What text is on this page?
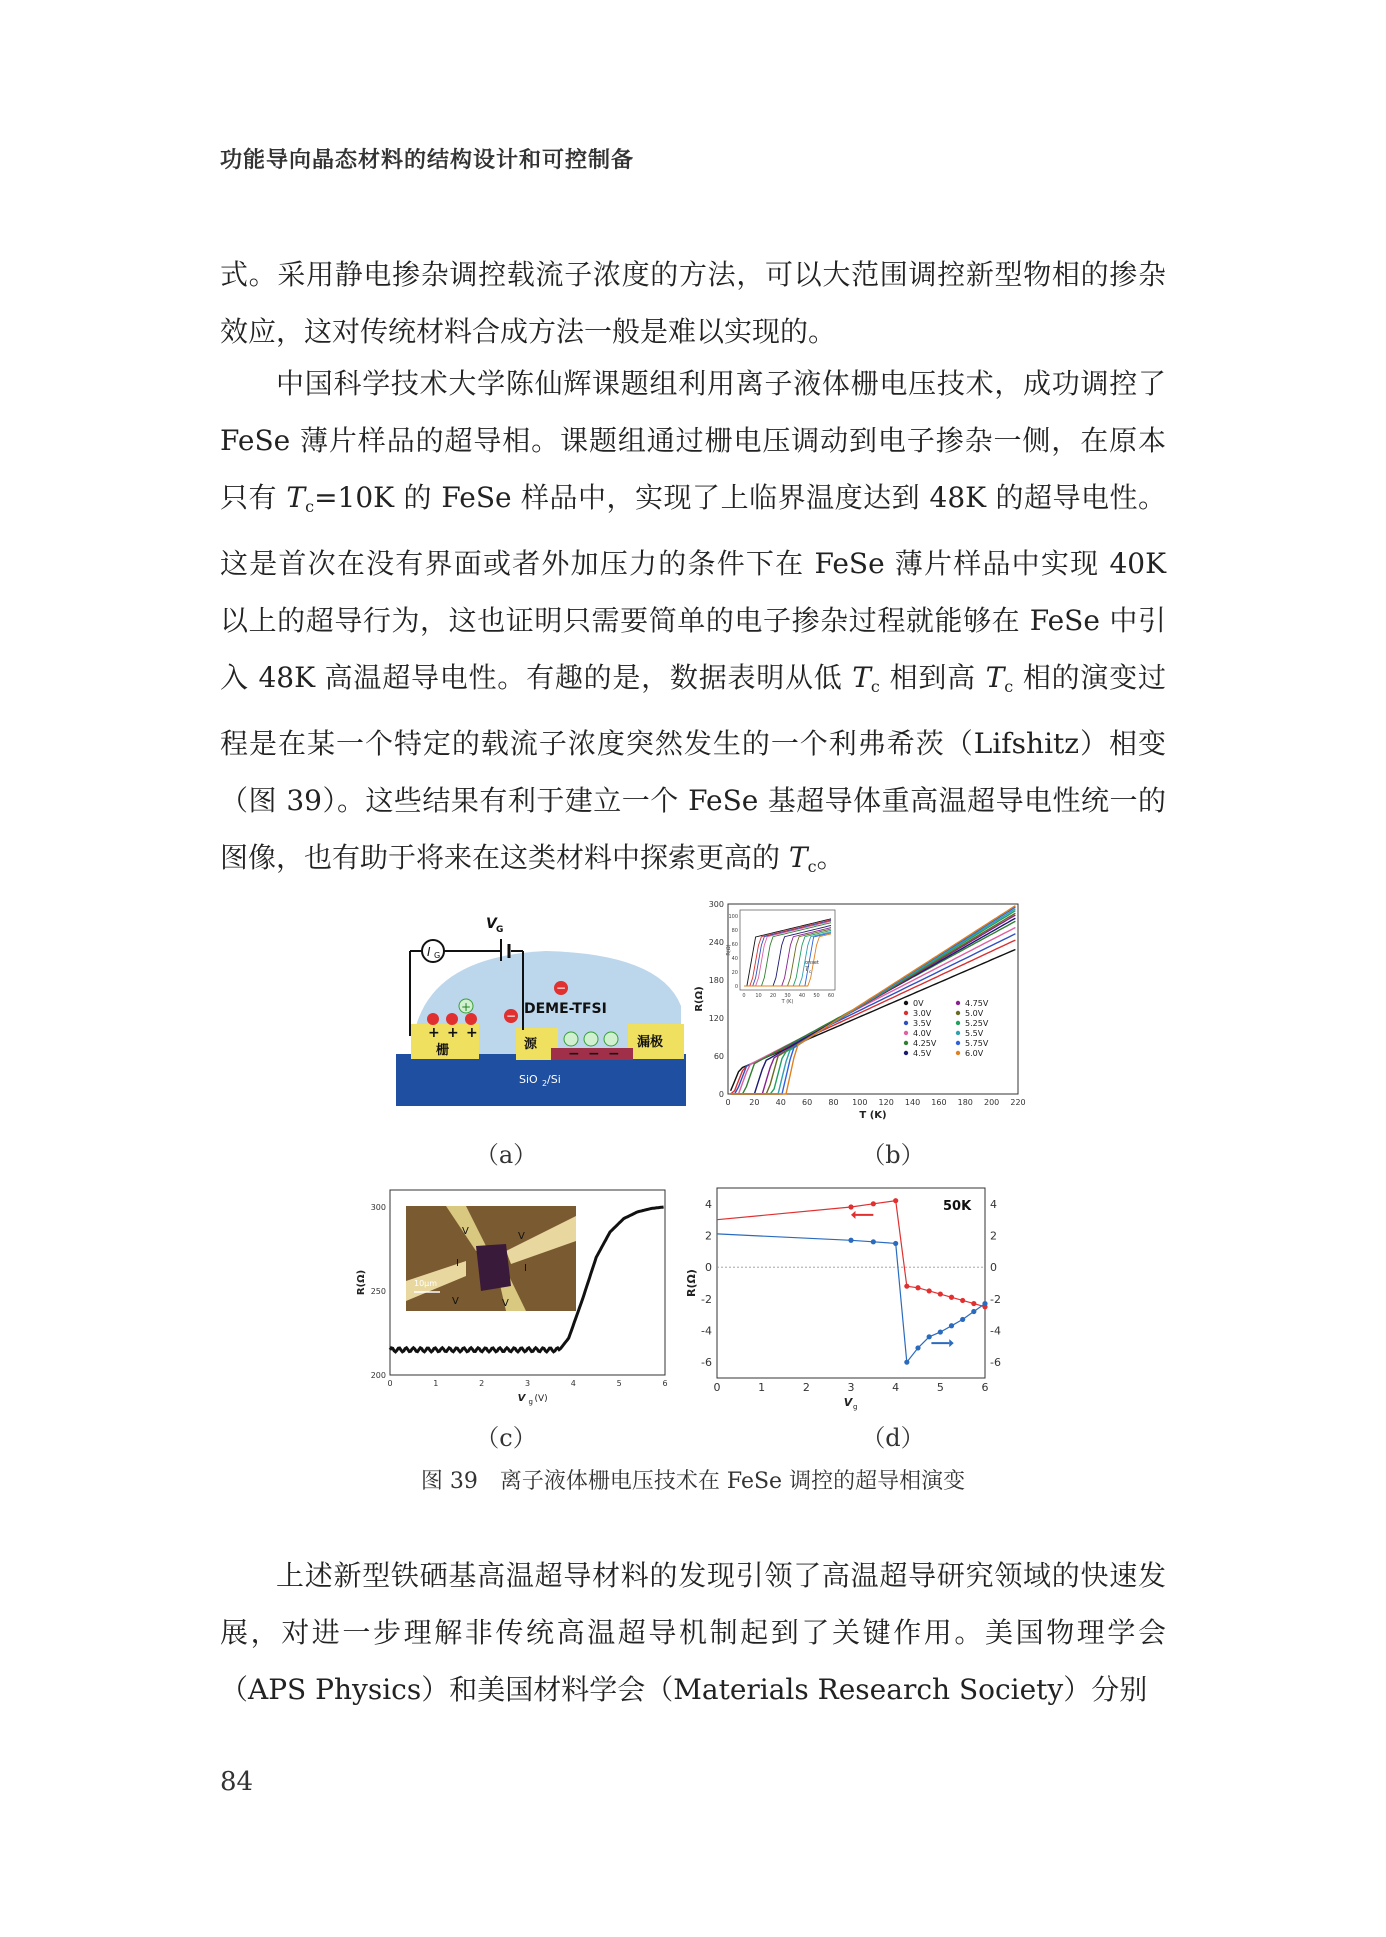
功能导向晶态材料的结构设计和可控制备

式。采用静电掺杂调控载流子浓度的方法，可以大范围调控新型物相的掺杂效应，这对传统材料合成方法一般是难以实现的。

中国科学技术大学陈仙辉课题组利用离子液体栅电压技术，成功调控了 FeSe 薄片样品的超导相。课题组通过栅电压调动到电子掺杂一侧，在原本只有 $T_c=10K$ 的 FeSe 样品中，实现了上临界温度达到 48K 的超导电性。这是首次在没有界面或者外加压力的条件下在 FeSe 薄片样品中实现 40K 以上的超导行为，这也证明只需要简单的电子掺杂过程就能够在 FeSe 中引入 48K 高温超导电性。有趣的是，数据表明从低 $T_c$ 相到高 $T_c$ 相的演变过程是在某一个特定的载流子浓度突然发生的一个利弗希茨（Lifshitz）相变（图 39）。这些结果有利于建立一个 FeSe 基超导体重高温超导电性统一的图像，也有助于将来在这类材料中探索更高的 $T_c$。

I G
V G
DEME-TFSI
+
−
−
+ + +
栅	源	漏极
− − −
SiO 2 /Si
0 20 40 60 80 100 120 140 160 180 200 220
0
60
120
180
240
300
T (K)
R(Ω)	0 10 20 30 40 50 60
0
20
40
60
80
100
T (K)
R(Ω)
onset
T c
0V
3.0V
3.5V
4.0V
4.25V
4.5V
4.75V
5.0V
5.25V
5.5V
5.75V
6.0V
0	1	2	3	4	5	6
200
250
300
V g (V)
R(Ω)
V	V
I	I
V	V
10μm
0	1	2	3	4	5	6
-6	-6
-4	-4
-2	-2
0	0
2	2
4	4
50K
V g
R(Ω)
（a）	（b）
（c）	（d）
图 39　离子液体栅电压技术在 FeSe 调控的超导相演变

上述新型铁硒基高温超导材料的发现引领了高温超导研究领域的快速发展，对进一步理解非传统高温超导机制起到了关键作用。美国物理学会（APS Physics）和美国材料学会（Materials Research Society）分别

84
